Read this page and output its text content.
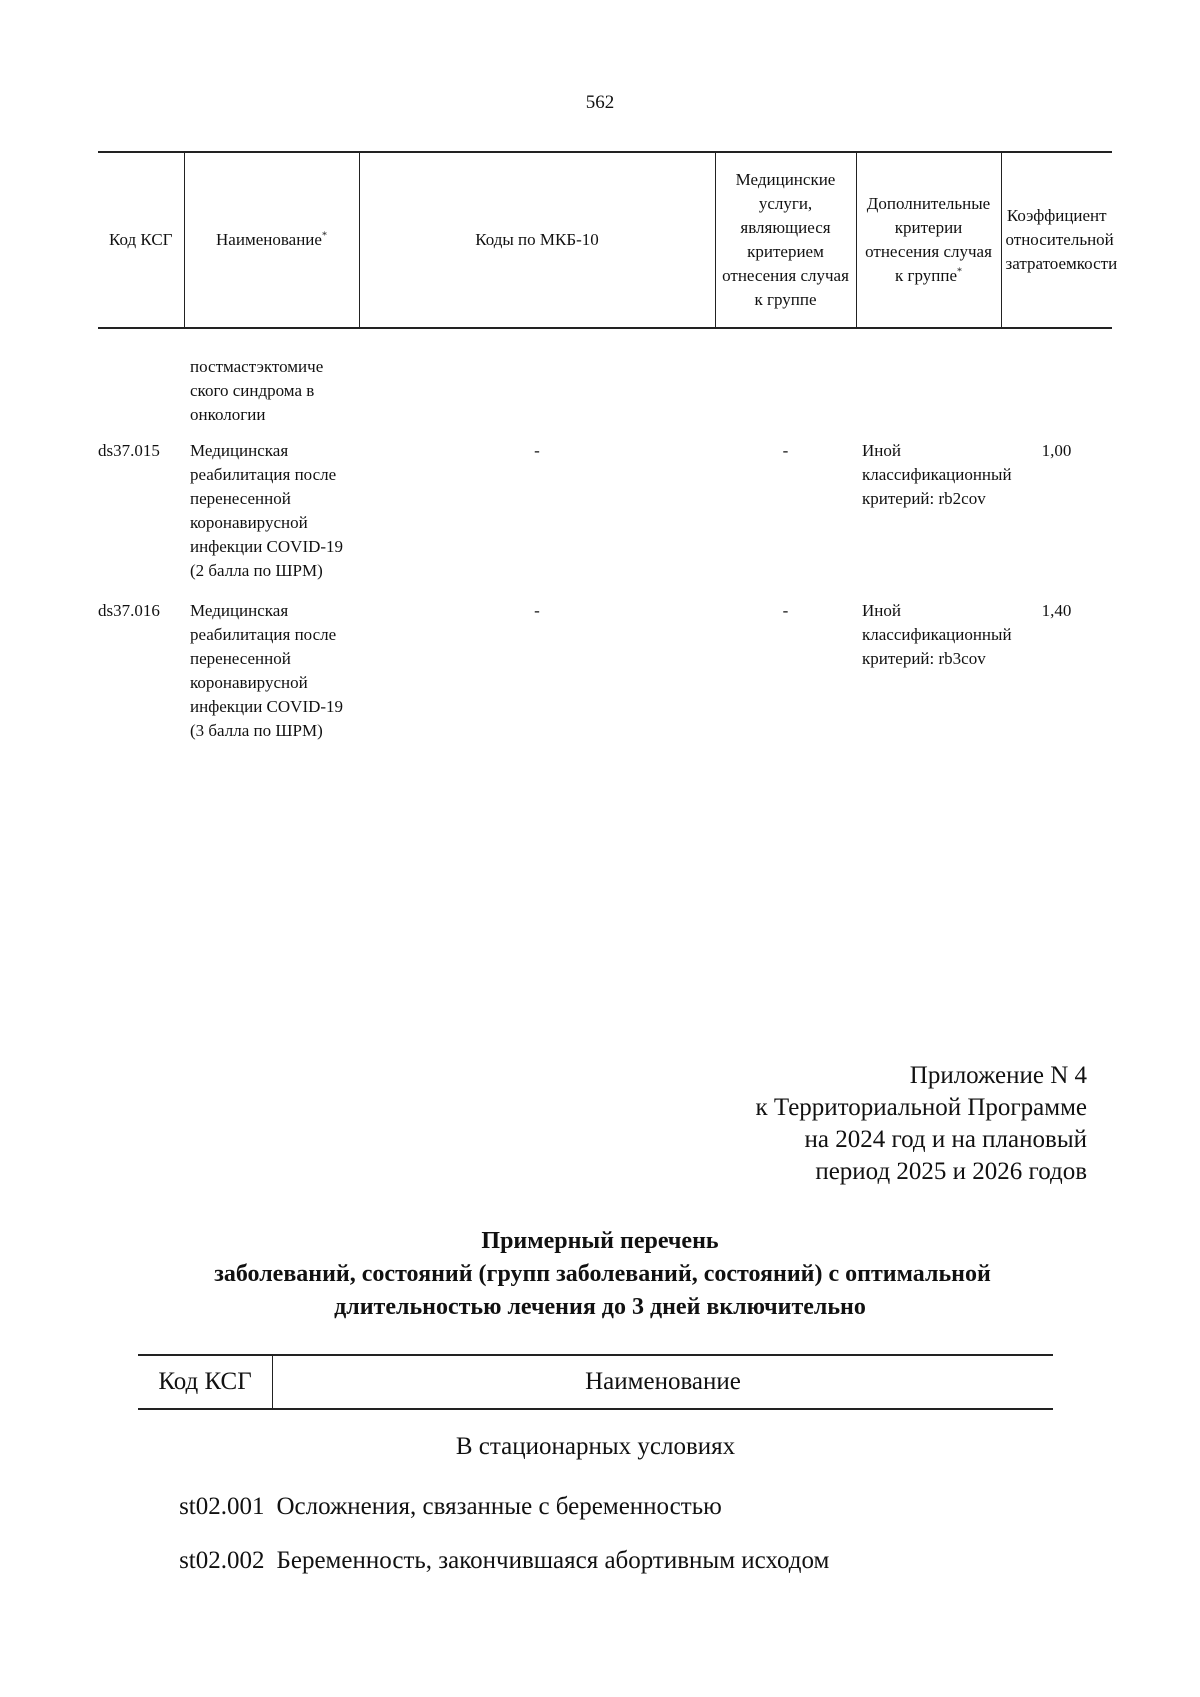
562
Код КСГ	Наименование*	Коды по МКБ-10	Медицинские услуги, являющиеся критерием отнесения случая к группе	Дополнительные критерии отнесения случая к группе*	Коэффициент относительной затратоемкости
	постмастэктомиче ского синдрома в онкологии				
ds37.015	Медицинская реабилитация после перенесенной коронавирусной инфекции COVID-19 (2 балла по ШРМ)	-	-	Иной классификационный критерий: rb2cov	1,00
ds37.016	Медицинская реабилитация после перенесенной коронавирусной инфекции COVID-19 (3 балла по ШРМ)	-	-	Иной классификационный критерий: rb3cov	1,40
Приложение N 4
к Территориальной Программе
на 2024 год и на плановый
период 2025 и 2026 годов
Примерный перечень
заболеваний, состояний (групп заболеваний, состояний) с оптимальной
длительностью лечения до 3 дней включительно
Код КСГ	Наименование
В стационарных условиях	
st02.001	Осложнения, связанные с беременностью
st02.002	Беременность, закончившаяся абортивным исходом
